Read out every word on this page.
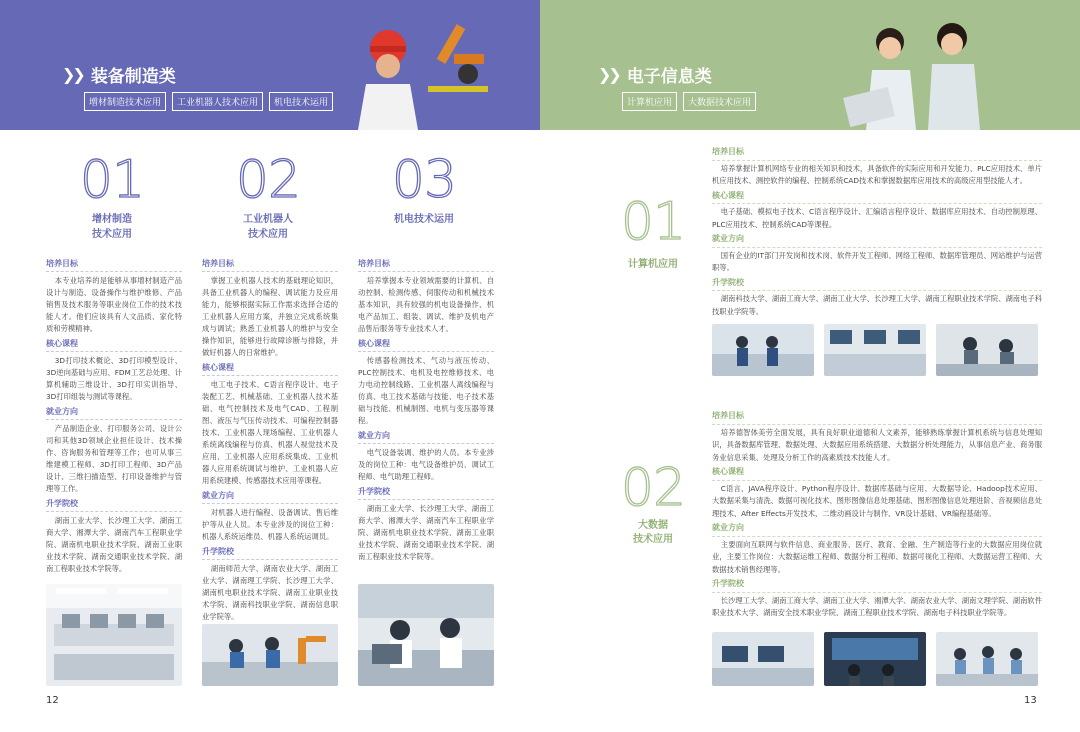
❯❯ 装备制造类
增材制造技术应用	工业机器人技术应用	机电技术运用
❯❯ 电子信息类
计算机应用	大数据技术应用
01
增材制造
技术应用
02
工业机器人
技术应用
03
机电技术运用
培养目标
本专业培养的是能够从事增材制造产品设计与制造、设备操作与维护维修、产品销售及技术服务等职业岗位工作的技术技能人才。他们应该具有人文品质、家化特质和劳模精神。
核心课程
3D打印技术概论、3D打印模型设计、3D逆向基础与应用、FDM工艺总处理、计算机辅助三维设计、3D打印实训指导、3D打印组装与测试等课程。
就业方向
产品制造企业、打印服务公司、设计公司和其他3D领域企业担任设计、技术操作、咨询服务和管理等工作；也可从事三维建模工程师、3D打印工程师、3D产品设计、三维扫描造型、打印设备维护与管理等工作。
升学院校
湖南工业大学、长沙理工大学、湖南工商大学、湘潭大学、湖南汽车工程职业学院、湖南机电职业技术学院、湖南工业职业技术学院、湖南交通职业技术学院、湖南工程职业技术学院等。
培养目标
掌握工业机器人技术的基础理论知识，具备工业机器人的编程、调试能力及应用能力，能够根据实际工作需求选择合适的工业机器人应用方案，并独立完成系统集成与调试；熟悉工业机器人的维护与安全操作知识，能够进行故障诊断与排除，并做好机器人的日常维护。
核心课程
电工电子技术、C语言程序设计、电子装配工艺、机械基础、工业机器人技术基础、电气控制技术及电气CAD、工程制图、液压与气压传动技术、可编程控制器技术、工业机器人现场编程、工业机器人系统离线编程与仿真、机器人视觉技术及应用、工业机器人应用系统集成、工业机器人应用系统调试与维护、工业机器人应用系统建模、传感器技术应用等课程。
就业方向
对机器人进行编程、设备调试、售后维护等从业人员。本专业涉及的岗位工种：机器人系统运维员、机器人系统运调员。
升学院校
湖南师范大学、湖南农业大学、湖南工业大学、湖南理工学院、长沙理工大学、湖南机电职业技术学院、湖南工业职业技术学院、湖南科技职业学院、湖南信息职业学院等。
培养目标
培养掌握本专业领域需要的计算机、自动控制、检测传感、伺服传动和机械技术基本知识，具有较强的机电设备操作、机电产品加工、组装、调试、维护及机电产品售后服务等专业技术人才。
核心课程
传感器检测技术、气动与液压传动、PLC控制技术、电机及电控维修技术、电力电动控制线路、工业机器人离线编程与仿真、电工技术基础与技能、电子技术基础与技能、机械制图、电机与变压器等课程。
就业方向
电气设备装调、维护的人员。本专业涉及的岗位工种：电气设备维护员、调试工程师、电气助理工程师。
升学院校
湖南工业大学、长沙理工大学、湖南工商大学、湘潭大学、湖南汽车工程职业学院、湖南机电职业技术学院、湖南工业职业技术学院、湖南交通职业技术学院、湖南工程职业技术学院等。
01
计算机应用
培养目标
培养掌握计算机网络专业的相关知识和技术，具备软件的实际应用和开发能力、PLC应用技术、单片机应用技术、测控软件的编程、控制系统CAD技术和掌握数据库应用技术的高级应用型技能人才。
核心课程
电子基础、模拟电子技术、C语言程序设计、汇编语言程序设计、数据库应用技术、自动控制原理、PLC应用技术、控制系统CAD等课程。
就业方向
国有企业的IT部门开发岗和技术岗、软件开发工程师、网络工程师、数据库管理员、网站维护与运营职等。
升学院校
湖南科技大学、湖南工商大学、湖南工业大学、长沙理工大学、湖南工程职业技术学院、湖南电子科技职业学院等。
02
大数据
技术应用
培养目标
培养德智体美劳全面发展，具有良好职业道德和人文素养，能够熟练掌握计算机系统与信息处理知识，具备数据库管理、数据处理、大数据应用系统搭建、大数据分析处理能力，从事信息产业、商务服务业信息采集、处理及分析工作的高素质技术技能人才。
核心课程
C语言、JAVA程序设计、Python程序设计、数据库基础与应用、大数据导论、Hadoop技术应用、大数据采集与清洗、数据可视化技术、图形图像信息处理基础、图形图像信息处理进阶、音视频信息处理技术、After Effects开发技术、二维动画设计与制作、VR设计基础、VR编程基础等。
就业方向
主要面向互联网与软件信息、商业服务、医疗、教育、金融、生产制造等行业的大数据应用岗位就业，主要工作岗位：大数据运维工程师、数据分析工程师、数据可视化工程师、大数据运营工程师、大数据技术销售经理等。
升学院校
长沙理工大学、湖南工商大学、湖南工业大学、湘潭大学、湖南农业大学、湖南文理学院、湖南软件职业技术大学、湖南安全技术职业学院、湖南工程职业技术学院、湖南电子科技职业学院等。
12	13
